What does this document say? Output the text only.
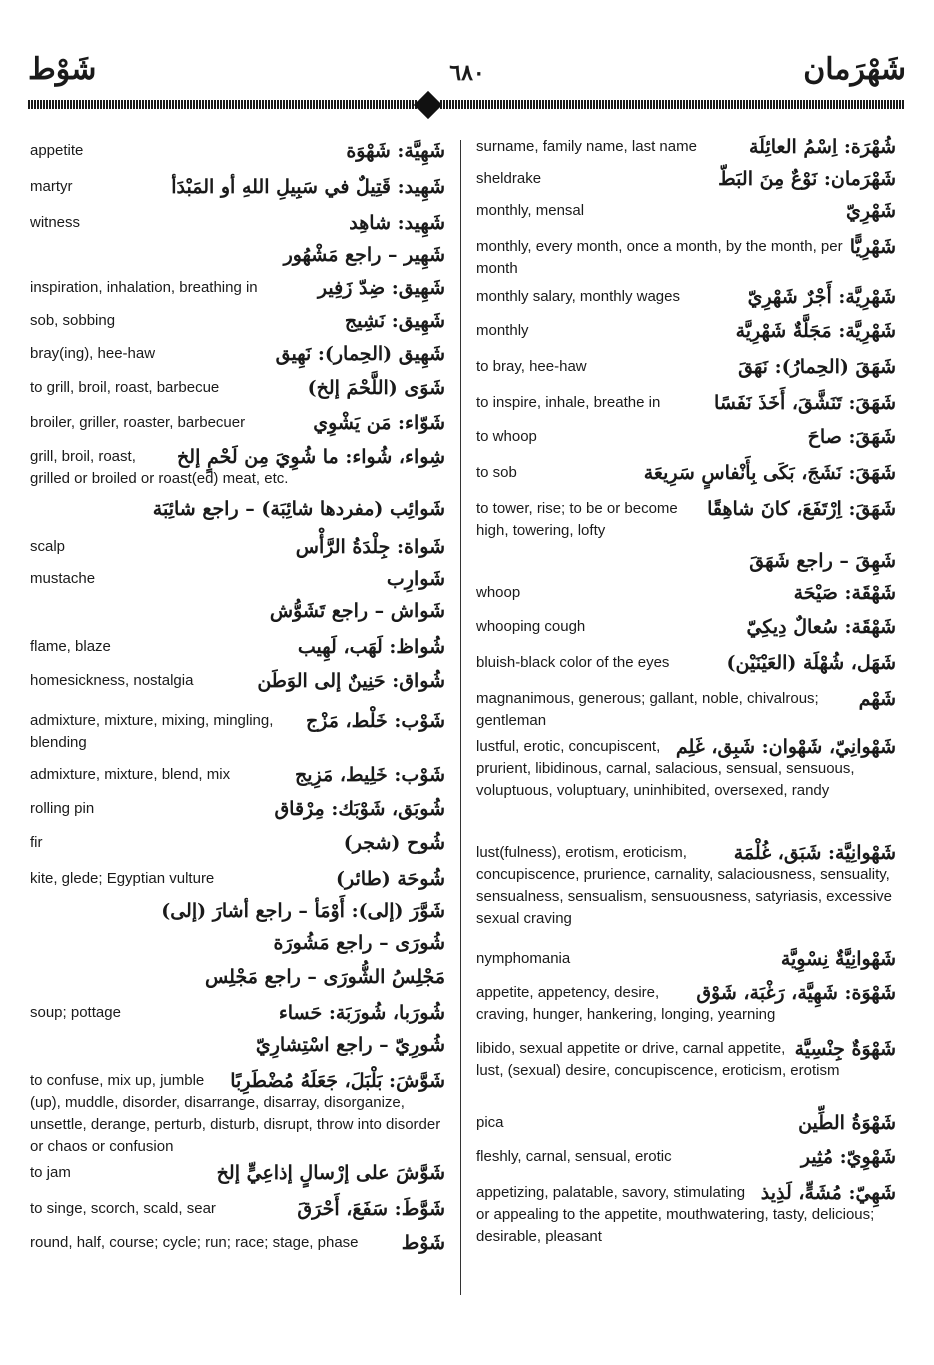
شَوْط	٦٨٠	شَهْرَمان
شَهِيَّة: شَهْوَة
appetite
شَهِيد: قَتِيلٌ في سَبِيلِ اللهِ أو المَبْدَأ
martyr
شَهِيد: شاهِد
witness
شَهِير – راجع مَشْهُور
شَهِيق: ضِدّ زَفِير
inspiration, inhalation, breathing in
شَهِيق: نَشِيج
sob, sobbing
شَهِيق (الحِمار): نَهِيق
bray(ing), hee-haw
شَوَى (اللَّحْمَ إلخ)
to grill, broil, roast, barbecue
شَوّاء: مَن يَشْوِي
broiler, griller, roaster, barbecuer
شِواء، شُواء: ما شُوِيَ مِن لَحْمٍ إلخ
grill, broil, roast, grilled or broiled or roast(ed) meat, etc.
شَوائِب (مفردها شائِبَة) – راجع شائِبَة
شَواة: جِلْدَةُ الرَّأْس
scalp
شَوارِب
mustache
شَواش – راجع تَشَوُّش
شُواظ: لَهَب، لَهِيب
flame, blaze
شُواق: حَنِينٌ إلى الوَطَن
homesickness, nostalgia
شَوْب: خَلْط، مَزْج
admixture, mixture, mixing, mingling, blending
شَوْب: خَلِيط، مَزِيج
admixture, mixture, blend, mix
شُوبَق، شَوْبَك: مِرْقاق
rolling pin
شُوح (شجر)
fir
شُوحَة (طائر)
kite, glede; Egyptian vulture
شَوَّرَ (إلى): أَوْمَأ – راجع أشارَ (إلى)
شُورَى – راجع مَشُورَة
مَجْلِسُ الشُّورَى – راجع مَجْلِس
شُورَبا، شُورَبَة: حَساء
soup; pottage
شُورِيّ – راجع اسْتِشارِيّ
شَوَّشَ: بَلْبَلَ، جَعَلَهُ مُضْطَرِبًا
to confuse, mix up, jumble (up), muddle, disorder, disarrange, disarray, disorganize, unsettle, derange, perturb, disturb, disrupt, throw into disorder or chaos or confusion
شَوَّشَ على إرْسالٍ إذاعِيٍّ إلخ
to jam
شَوَّطَ: سَفَعَ، أَحْرَقَ
to singe, scorch, scald, sear
شَوْط
round, half, course; cycle; run; race; stage, phase
شُهْرَة: اِسْمُ العائِلَة
surname, family name, last name
شَهْرَمان: نَوْعٌ مِنَ البَطّ
sheldrake
شَهْرِيّ
monthly, mensal
شَهْرِيًّا
monthly, every month, once a month, by the month, per month
شَهْرِيَّة: أَجْرٌ شَهْرِيّ
monthly salary, monthly wages
شَهْرِيَّة: مَجَلَّةٌ شَهْرِيَّة
monthly
شَهَقَ (الحِمارُ): نَهَقَ
to bray, hee-haw
شَهَقَ: تَنَشَّقَ، أَخَذَ نَفَسًا
to inspire, inhale, breathe in
شَهَقَ: صاحَ
to whoop
شَهَقَ: نَشَجَ، بَكَى بِأَنْفاسٍ سَرِيعَة
to sob
شَهَقَ: اِرْتَفَعَ، كانَ شاهِقًا
to tower, rise; to be or become high, towering, lofty
شَهِقَ – راجع شَهَقَ
شَهْقَة: صَيْحَة
whoop
شَهْقَة: سُعالٌ دِيكِيّ
whooping cough
شَهَل، شُهْلَة (العَيْنَيْن)
bluish-black color of the eyes
شَهْم
magnanimous, generous; gallant, noble, chivalrous; gentleman
شَهْوانِيّ، شَهْوان: شَبِق، غَلِم
lustful, erotic, concupiscent, prurient, libidinous, carnal, salacious, sensual, sensuous, voluptuous, voluptuary, uninhibited, oversexed, randy
شَهْوانِيَّة: شَبَق، غُلْمَة
lust(fulness), erotism, eroticism, concupiscence, prurience, carnality, salaciousness, sensuality, sensualness, sensualism, sensuousness, satyriasis, excessive sexual craving
شَهْوانِيَّةٌ نِسْوِيَّة
nymphomania
شَهْوَة: شَهِيَّة، رَغْبَة، شَوْق
appetite, appetency, desire, craving, hunger, hankering, longing, yearning
شَهْوَةٌ جِنْسِيَّة
libido, sexual appetite or drive, carnal appetite, lust, (sexual) desire, concupiscence, eroticism, erotism
شَهْوَةُ الطِّين
pica
شَهْوِيّ: مُثِير
fleshly, carnal, sensual, erotic
شَهِيّ: مُشَهٍّ، لَذِيذ
appetizing, palatable, savory, stimulating or appealing to the appetite, mouthwatering, tasty, delicious; desirable, pleasant
